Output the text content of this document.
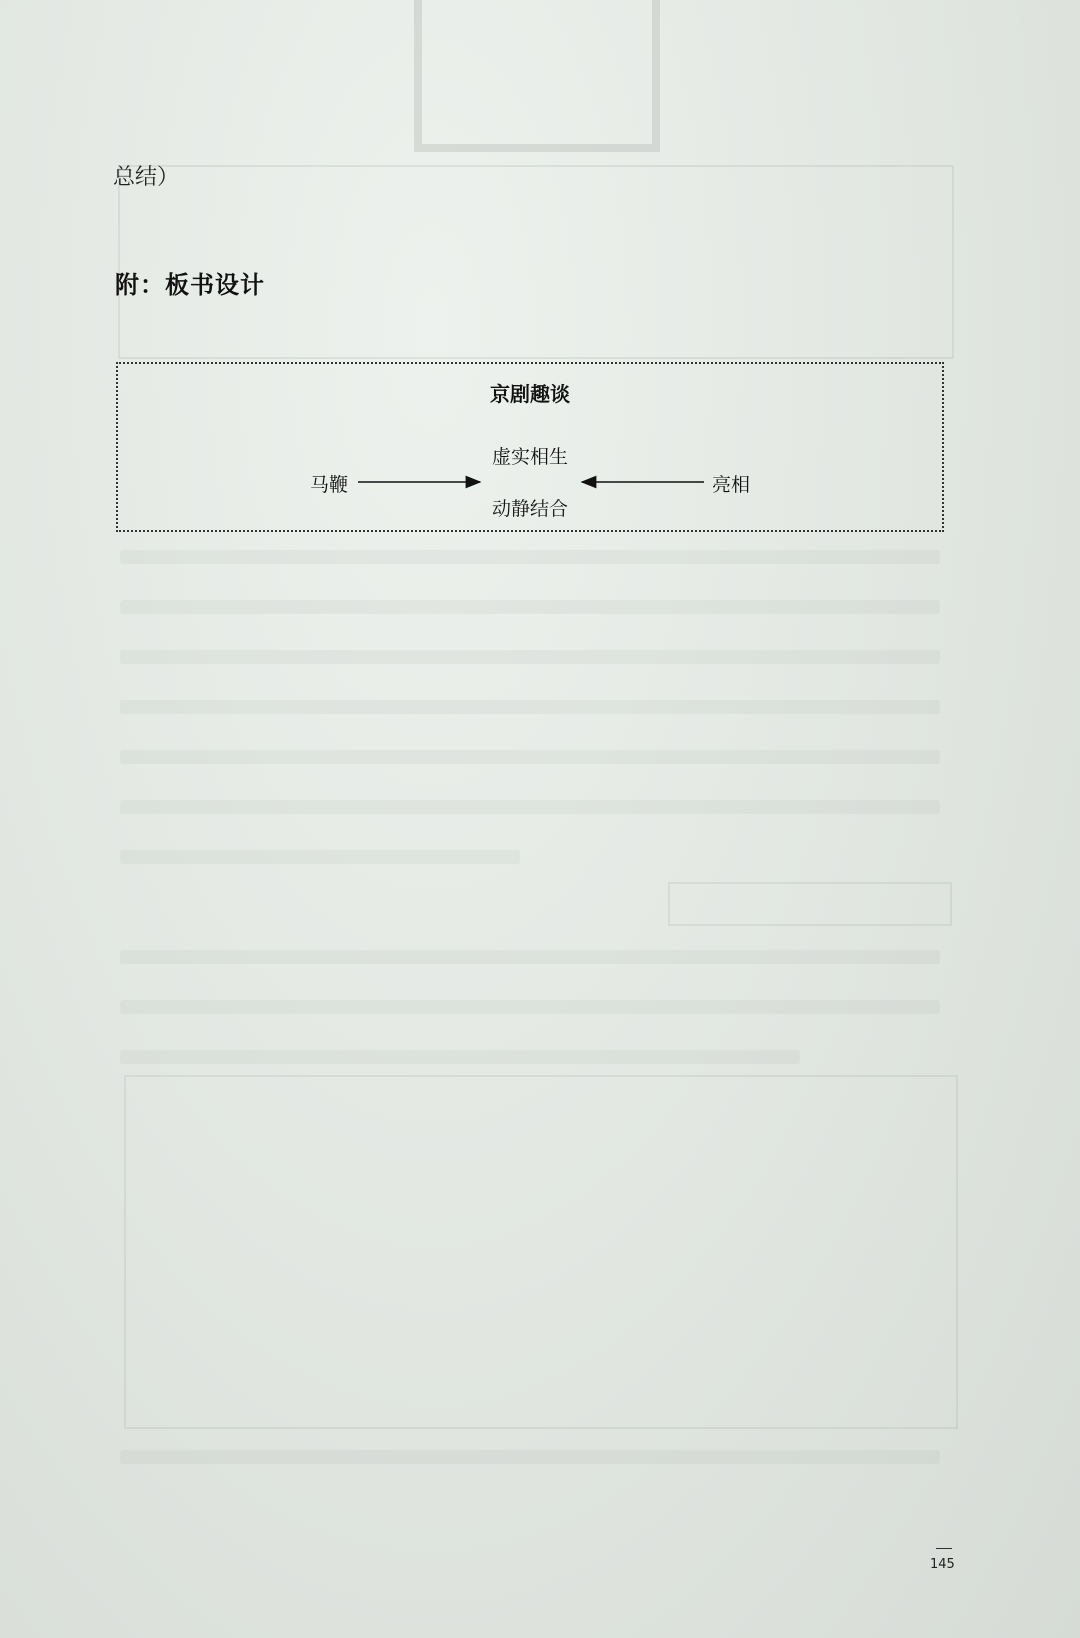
总结）
附：板书设计
京剧趣谈
虚实相生
马鞭	亮相
动静结合
145
